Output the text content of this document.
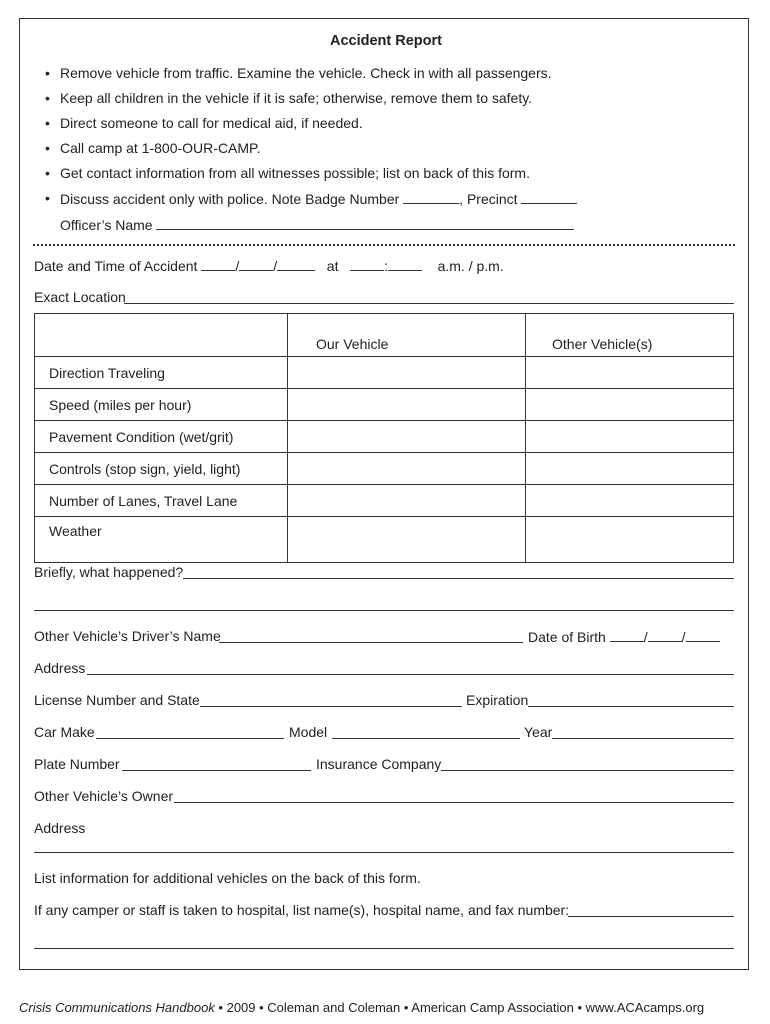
Accident Report
• Remove vehicle from traffic. Examine the vehicle. Check in with all passengers.
• Keep all children in the vehicle if it is safe; otherwise, remove them to safety.
• Direct someone to call for medical aid, if needed.
• Call camp at 1-800-OUR-CAMP.
• Get contact information from all witnesses possible; list on back of this form.
• Discuss accident only with police. Note Badge Number	, Precinct
Officer’s Name
Date and Time of Accident	/ /	at	:	a.m. / p.m.
Exact Location
	Our Vehicle	Other Vehicle(s)
Direction Traveling		
Speed (miles per hour)		
Pavement Condition (wet/grit)		
Controls (stop sign, yield, light)		
Number of Lanes, Travel Lane		
Weather		
Briefly, what happened?
Other Vehicle’s Driver’s Name	Date of Birth	/ /
Address
License Number and State	Expiration
Car Make	Model	Year
Plate Number	Insurance Company
Other Vehicle’s Owner
Address
List information for additional vehicles on the back of this form.
If any camper or staff is taken to hospital, list name(s), hospital name, and fax number:
Crisis Communications Handbook • 2009 • Coleman and Coleman • American Camp Association • www.ACAcamps.org
